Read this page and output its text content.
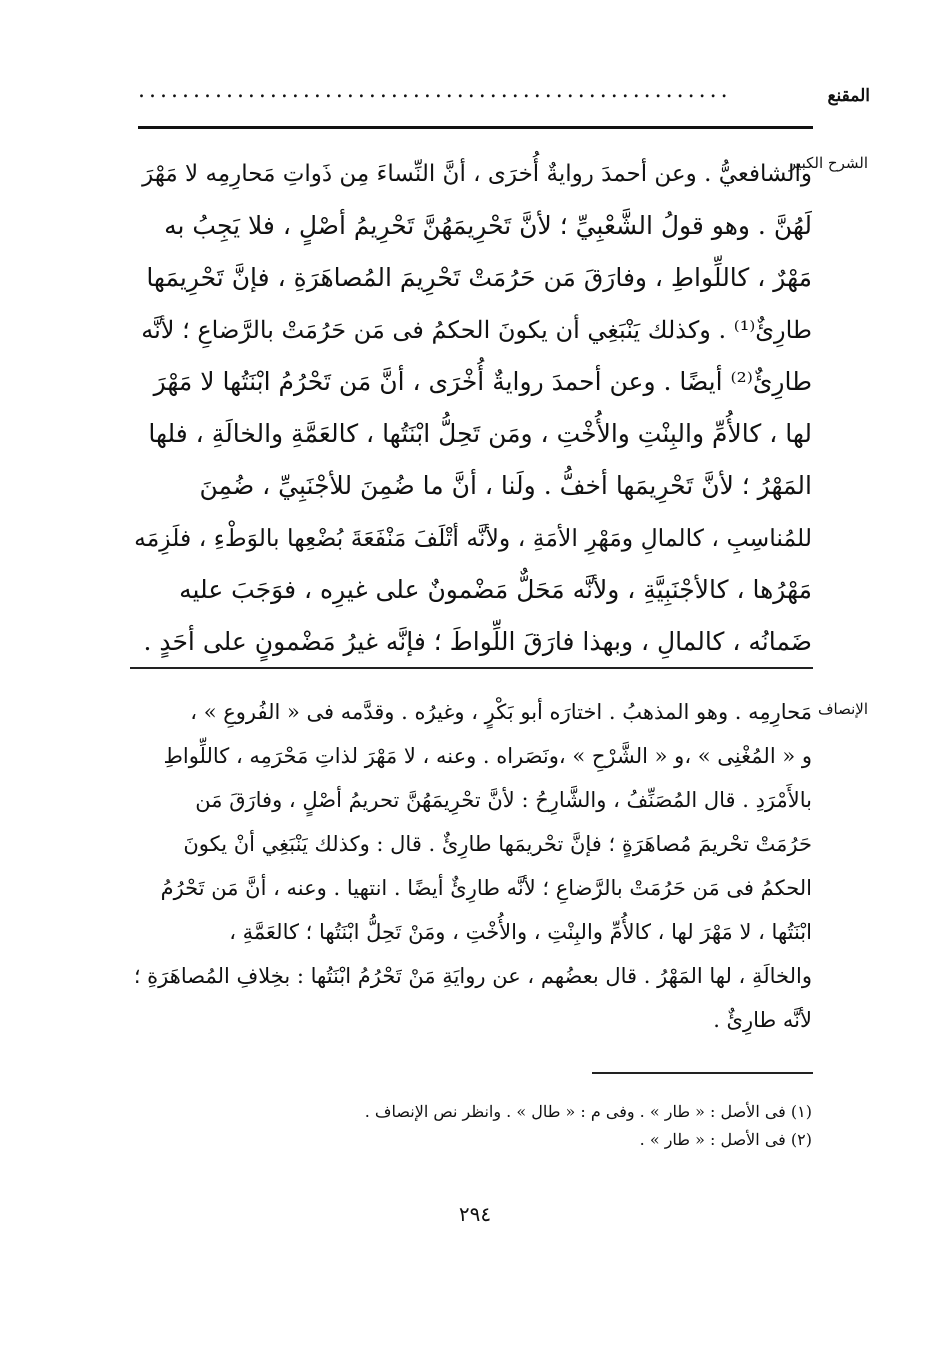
المقنع
......................................................
الشرح الكبير
والشافعيُّ . وعن أحمدَ روايةٌ أُخرَى ، أنَّ النِّساءَ مِن ذَواتِ مَحارِمِه لا مَهْرَ
لَهُنَّ . وهو قولُ الشَّعْبِيِّ ؛ لأنَّ تَحْرِيمَهُنَّ تَحْرِيمُ أصْلٍ ، فلا يَجِبُ به
مَهْرٌ ، كاللِّواطِ ، وفارَقَ مَن حَرُمَتْ تَحْرِيمَ المُصاهَرَةِ ، فإنَّ تَحْرِيمَها
طارِئٌ⁽¹⁾ . وكذلك يَنْبَغِي أن يكونَ الحكمُ فى مَن حَرُمَتْ بالرَّضاعِ ؛ لأنَّه
طارِئٌ⁽²⁾ أيضًا . وعن أحمدَ روايةٌ أُخْرَى ، أنَّ مَن تَحْرُمُ ابْنَتُها لا مَهْرَ
لها ، كالأُمِّ والبِنْتِ والأُخْتِ ، ومَن تَحِلُّ ابْنَتُها ، كالعَمَّةِ والخالَةِ ، فلها
المَهْرُ ؛ لأنَّ تَحْرِيمَها أخفُّ . ولَنا ، أنَّ ما ضُمِنَ للأجْنَبِيِّ ، ضُمِنَ
للمُناسِبِ ، كالمالِ ومَهْرِ الأمَةِ ، ولأنَّه أتْلَفَ مَنْفَعَةَ بُضْعِها بالوَطْءِ ، فلَزِمَه
مَهْرُها ، كالأجْنَبِيَّةِ ، ولأنَّه مَحَلٌّ مَضْمونٌ على غيرِه ، فوَجَبَ عليه
ضَمانُه ، كالمالِ ، وبهذا فارَقَ اللِّواطَ ؛ فإنَّه غيرُ مَضْمونٍ على أحَدٍ .
الإنصاف
مَحارِمِه . وهو المذهبُ . اختارَه أبو بَكْرٍ ، وغيرُه . وقدَّمه فى « الفُروعِ » ،
و « المُغْنِى » ،و « الشَّرْحِ » ،ونَصَراه . وعنه ، لا مَهْرَ لذاتِ مَحْرَمِه ، كاللِّواطِ
بالأَمْرَدِ . قال المُصَنِّفُ ، والشَّارِحُ : لأنَّ تحْرِيمَهُنَّ تحريمُ أصْلٍ ، وفارَقَ مَن
حَرُمَتْ تحْريمَ مُصاهَرَةٍ ؛ فإنَّ تحْريمَها طارِئٌ . قال : وكذلك يَنْبَغِي أنْ يكونَ
الحكمُ فى مَن حَرُمَتْ بالرَّضاعِ ؛ لأنَّه طارِئٌ أيضًا . انتهيا . وعنه ، أنَّ مَن تَحْرُمُ
ابْنَتُها ، لا مَهْرَ لها ، كالأُمِّ والبِنْتِ ، والأُخْتِ ، ومَنْ تَحِلُّ ابْنَتُها ؛ كالعَمَّةِ ،
والخالَةِ ، لها المَهْرُ . قال بعضُهم ، عن روايَةِ مَنْ تَحْرُمُ ابْنَتُها : بخِلافِ المُصاهَرَةِ ؛
لأنَّه طارِئٌ .
(١) فى الأصل : « طار » . وفى م : « طال » . وانظر نص الإنصاف .
(٢) فى الأصل : « طار » .
٢٩٤
